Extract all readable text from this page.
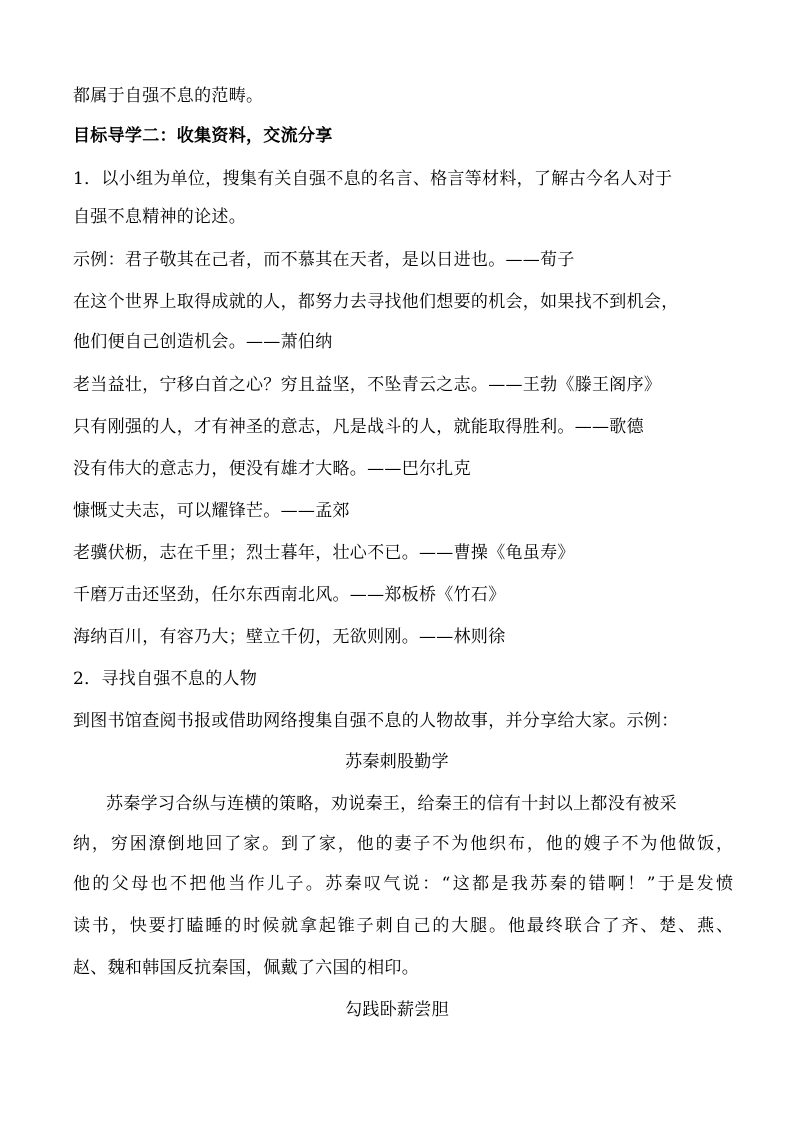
都属于自强不息的范畴。
目标导学二：收集资料，交流分享
1．以小组为单位，搜集有关自强不息的名言、格言等材料，了解古今名人对于
自强不息精神的论述。
示例：君子敬其在己者，而不慕其在天者，是以日进也。——荀子
在这个世界上取得成就的人，都努力去寻找他们想要的机会，如果找不到机会，
他们便自己创造机会。——萧伯纳
老当益壮，宁移白首之心？穷且益坚，不坠青云之志。——王勃《滕王阁序》
只有刚强的人，才有神圣的意志，凡是战斗的人，就能取得胜利。——歌德
没有伟大的意志力，便没有雄才大略。——巴尔扎克
慷慨丈夫志，可以耀锋芒。——孟郊
老骥伏枥，志在千里；烈士暮年，壮心不已。——曹操《龟虽寿》
千磨万击还坚劲，任尔东西南北风。——郑板桥《竹石》
海纳百川，有容乃大；壁立千仞，无欲则刚。——林则徐
2．寻找自强不息的人物
到图书馆查阅书报或借助网络搜集自强不息的人物故事，并分享给大家。示例：
苏秦刺股勤学
苏秦学习合纵与连横的策略，劝说秦王，给秦王的信有十封以上都没有被采
纳，穷困潦倒地回了家。到了家，他的妻子不为他织布，他的嫂子不为他做饭，
他的父母也不把他当作儿子。苏秦叹气说：“这都是我苏秦的错啊！”于是发愤
读书，快要打瞌睡的时候就拿起锥子刺自己的大腿。他最终联合了齐、楚、燕、
赵、魏和韩国反抗秦国，佩戴了六国的相印。
勾践卧薪尝胆
